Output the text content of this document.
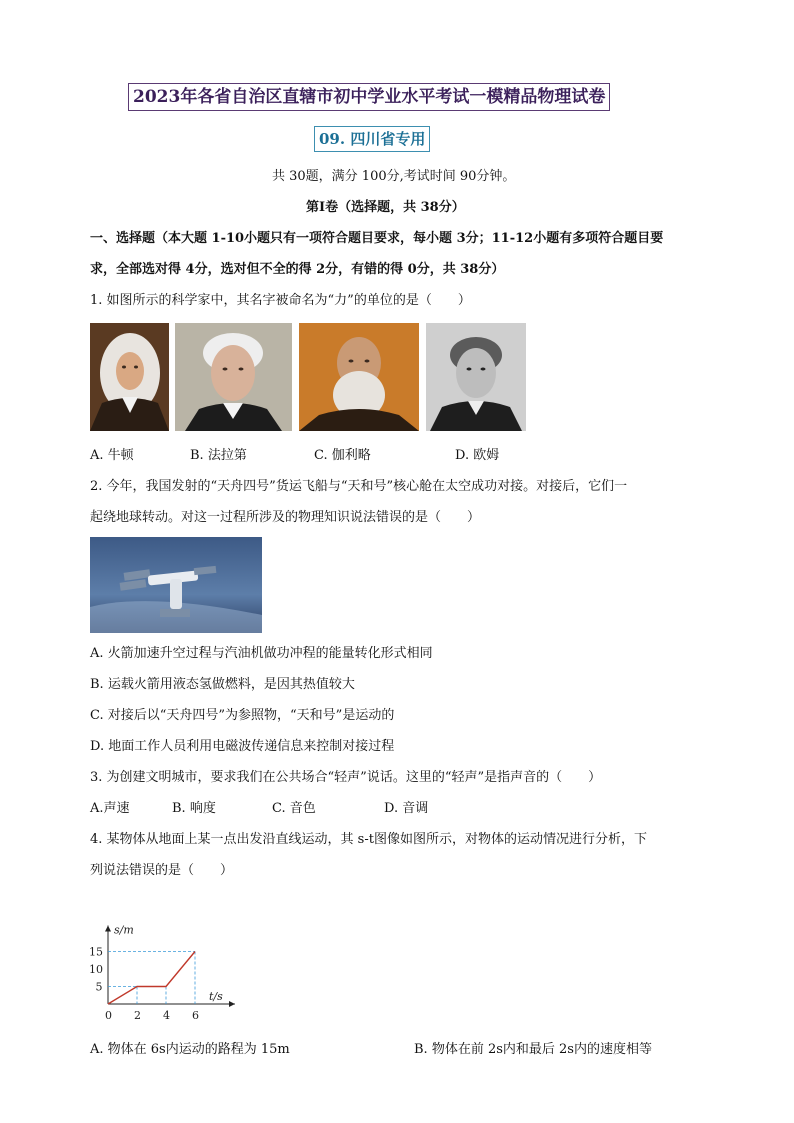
2023年各省自治区直辖市初中学业水平考试一模精品物理试卷
09. 四川省专用
共 30题，满分 100分,考试时间 90分钟。
第Ⅰ卷（选择题，共 38分）
一、选择题（本大题 1-10小题只有一项符合题目要求，每小题 3分；11-12小题有多项符合题目要
求，全部选对得 4分，选对但不全的得 2分，有错的得 0分，共 38分）
1. 如图所示的科学家中，其名字被命名为“力”的单位的是（　　）
A. 牛顿	B. 法拉第	C. 伽利略	D. 欧姆
2. 今年，我国发射的“天舟四号”货运飞船与“天和号”核心舱在太空成功对接。对接后，它们一
起绕地球转动。对这一过程所涉及的物理知识说法错误的是（　　）
A. 火箭加速升空过程与汽油机做功冲程的能量转化形式相同
B. 运载火箭用液态氢做燃料，是因其热值较大
C. 对接后以“天舟四号”为参照物，“天和号”是运动的
D. 地面工作人员利用电磁波传递信息来控制对接过程
3. 为创建文明城市，要求我们在公共场合“轻声”说话。这里的“轻声”是指声音的（　　）
A.声速	B. 响度	C. 音色	D. 音调
4. 某物体从地面上某一点出发沿直线运动，其 s-t图像如图所示，对物体的运动情况进行分析，下
列说法错误的是（　　）
s/m
t/s
0 2 4 6
5
10
15
A. 物体在 6s内运动的路程为 15m	B. 物体在前 2s内和最后 2s内的速度相等
